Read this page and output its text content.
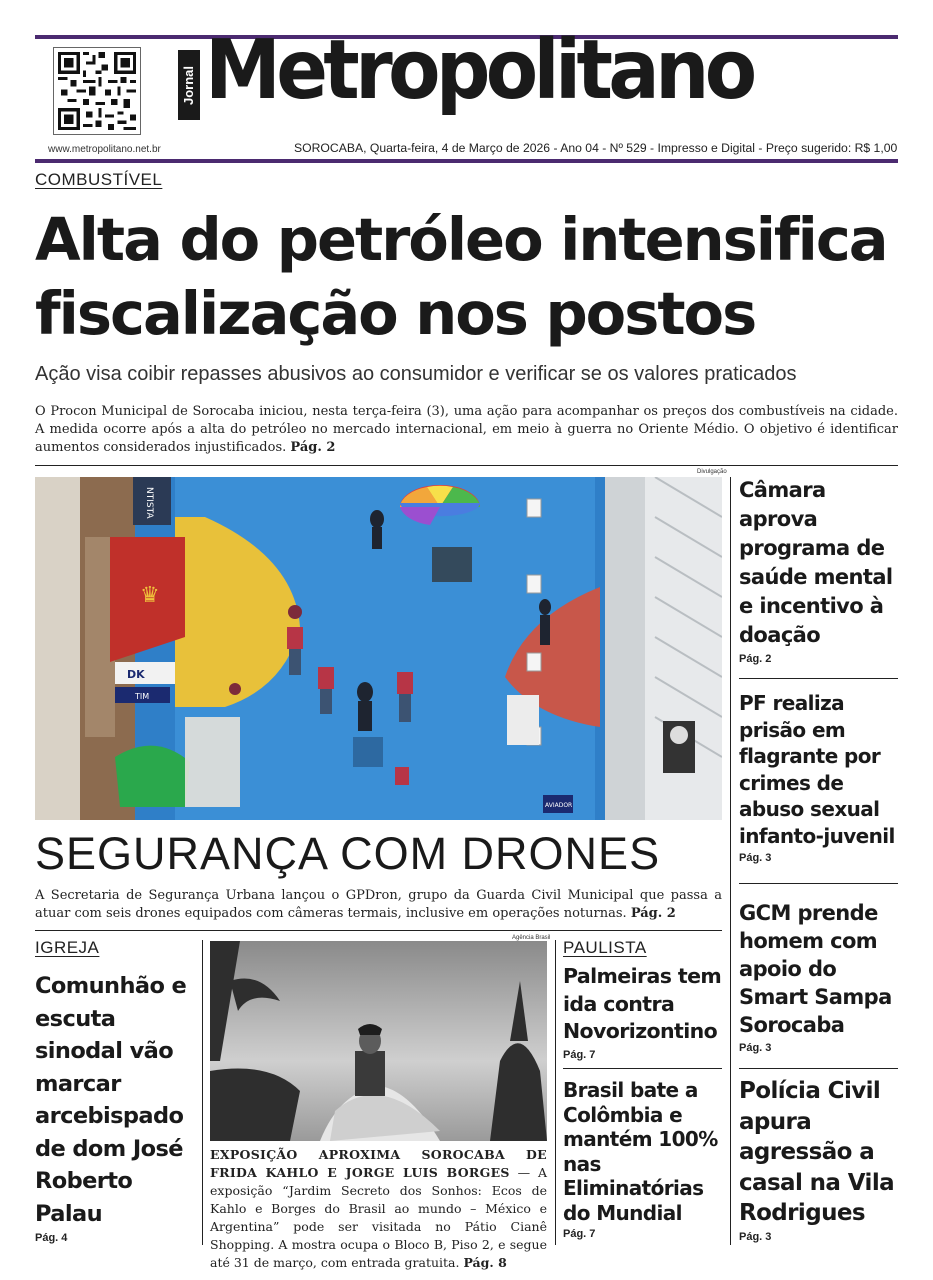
www.metropolitano.net.br
Jornal Metropolitano
SOROCABA, Quarta-feira, 4 de Março de 2026 - Ano 04 - Nº 529 - Impresso e Digital - Preço sugerido: R$ 1,00
COMBUSTÍVEL
Alta do petróleo intensifica
fiscalização nos postos
Ação visa coibir repasses abusivos ao consumidor e verificar se os valores praticados
O Procon Municipal de Sorocaba iniciou, nesta terça-feira (3), uma ação para acompanhar os preços dos combustíveis na cidade. A medida ocorre após a alta do petróleo no mercado internacional, em meio à guerra no Oriente Médio. O objetivo é identificar aumentos considerados injustificados. Pág. 2
Divulgação
♛
NTISTA
DK
TIM
AVIADOR
SEGURANÇA COM DRONES
A Secretaria de Segurança Urbana lançou o GPDron, grupo da Guarda Civil Municipal que passa a atuar com seis drones equipados com câmeras termais, inclusive em operações noturnas. Pág. 2
Câmara aprova programa de saúde mental e incentivo à doação
Pág. 2
PF realiza prisão em flagrante por crimes de abuso sexual infanto-juvenil
Pág. 3
GCM prende homem com apoio do Smart Sampa Sorocaba
Pág. 3
Polícia Civil apura agressão a casal na Vila Rodrigues
Pág. 3
IGREJA
Comunhão e escuta sinodal vão marcar arcebispado de dom José Roberto Palau
Pág. 4
Agência Brasil
EXPOSIÇÃO APROXIMA SOROCABA DE FRIDA KAHLO E JORGE LUIS BORGES — A exposição “Jardim Secreto dos Sonhos: Ecos de Kahlo e Borges do Brasil ao mundo – México e Argentina” pode ser visitada no Pátio Cianê Shopping. A mostra ocupa o Bloco B, Piso 2, e segue até 31 de março, com entrada gratuita. Pág. 8
PAULISTA
Palmeiras tem ida contra Novorizontino
Pág. 7
Brasil bate a Colômbia e mantém 100% nas Eliminatórias do Mundial
Pág. 7
